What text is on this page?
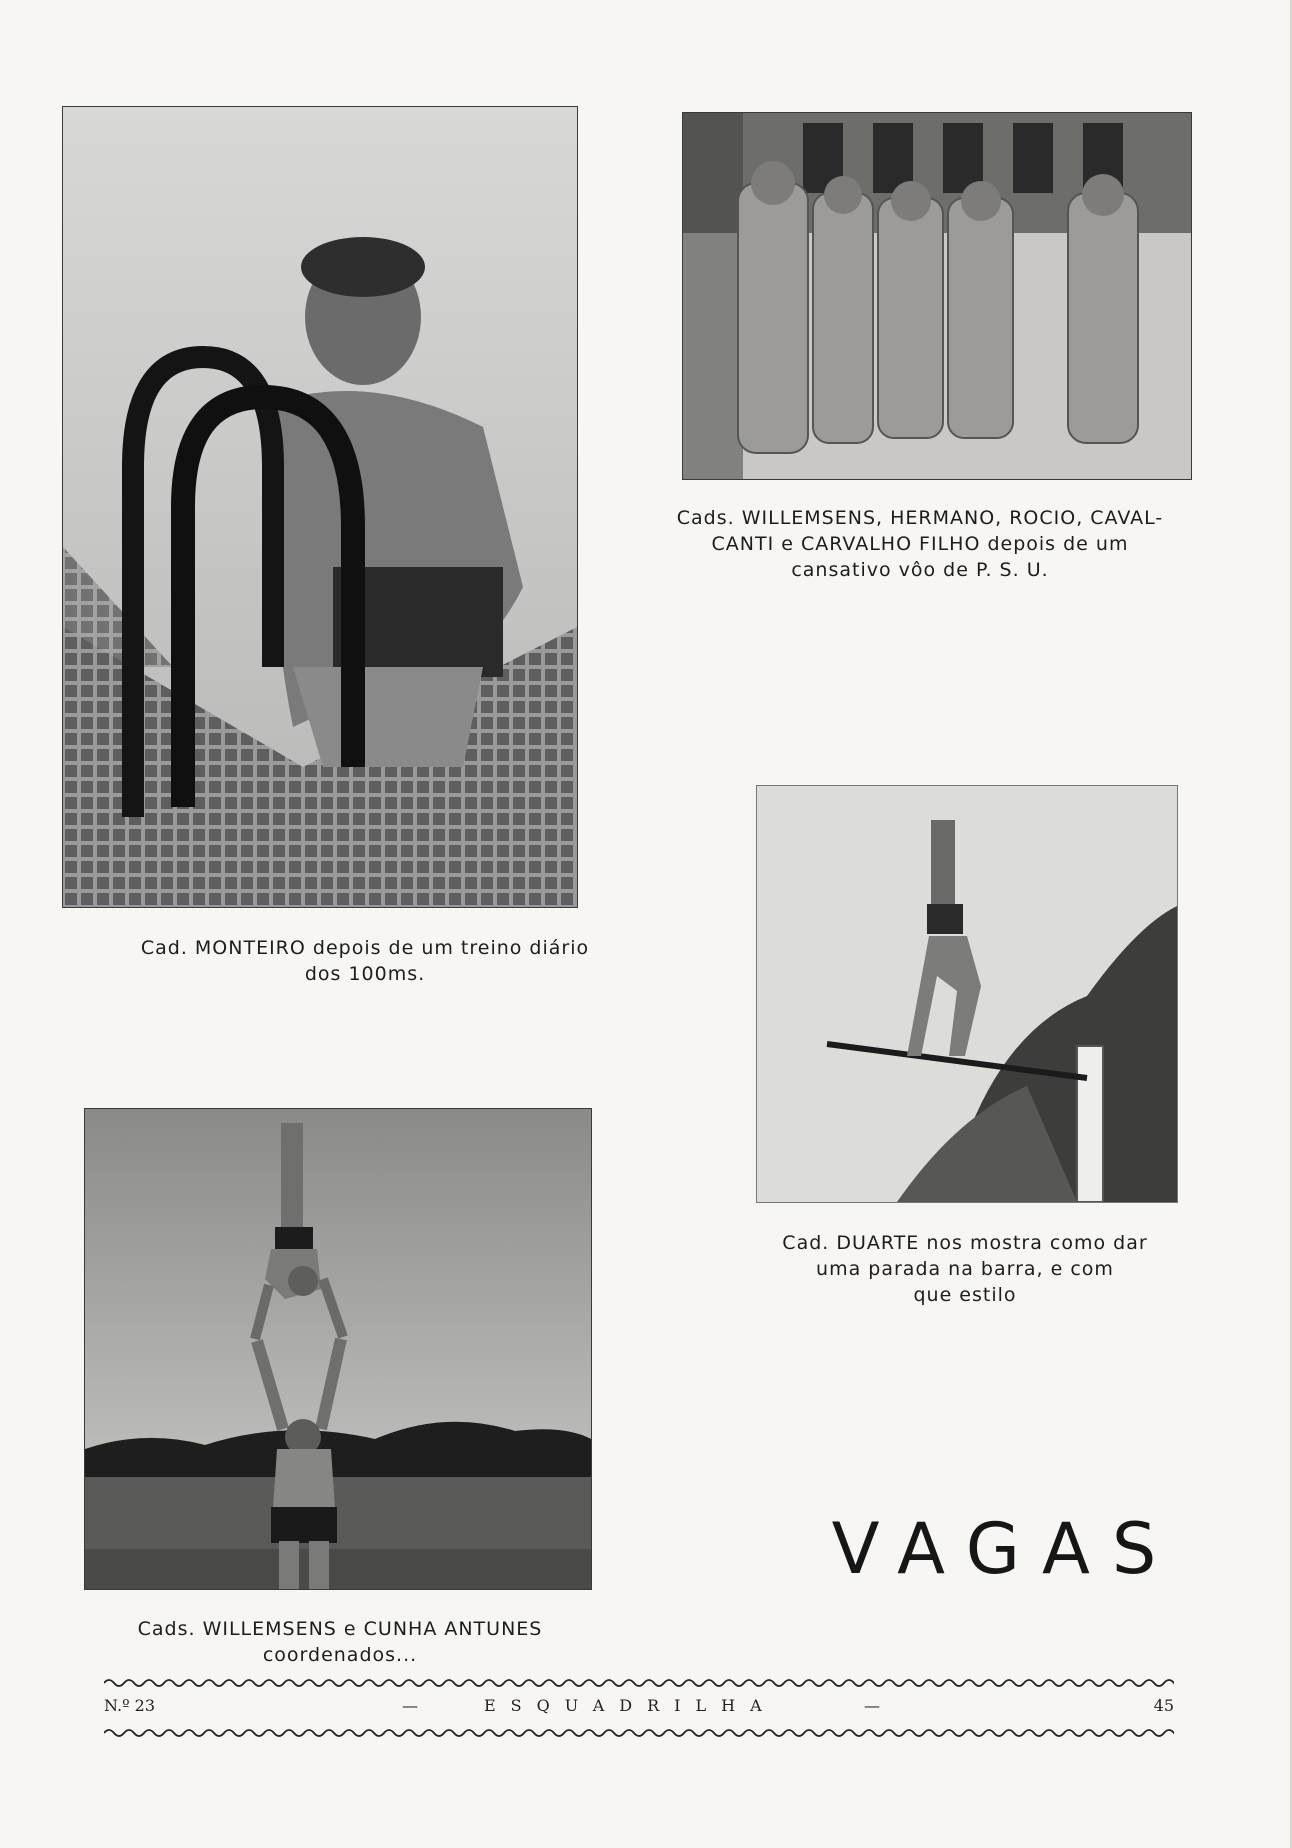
Cads. WILLEMSENS, HERMANO, ROCIO, CAVAL-
CANTI e CARVALHO FILHO depois de um
cansativo vôo de P. S. U.
Cad. MONTEIRO depois de um treino diário
dos 100ms.
Cad. DUARTE nos mostra como dar
uma parada na barra, e com
que estilo
Cads. WILLEMSENS e CUNHA ANTUNES
coordenados...
VAGAS
N.º 23	—	ESQUADRILHA	—	45
